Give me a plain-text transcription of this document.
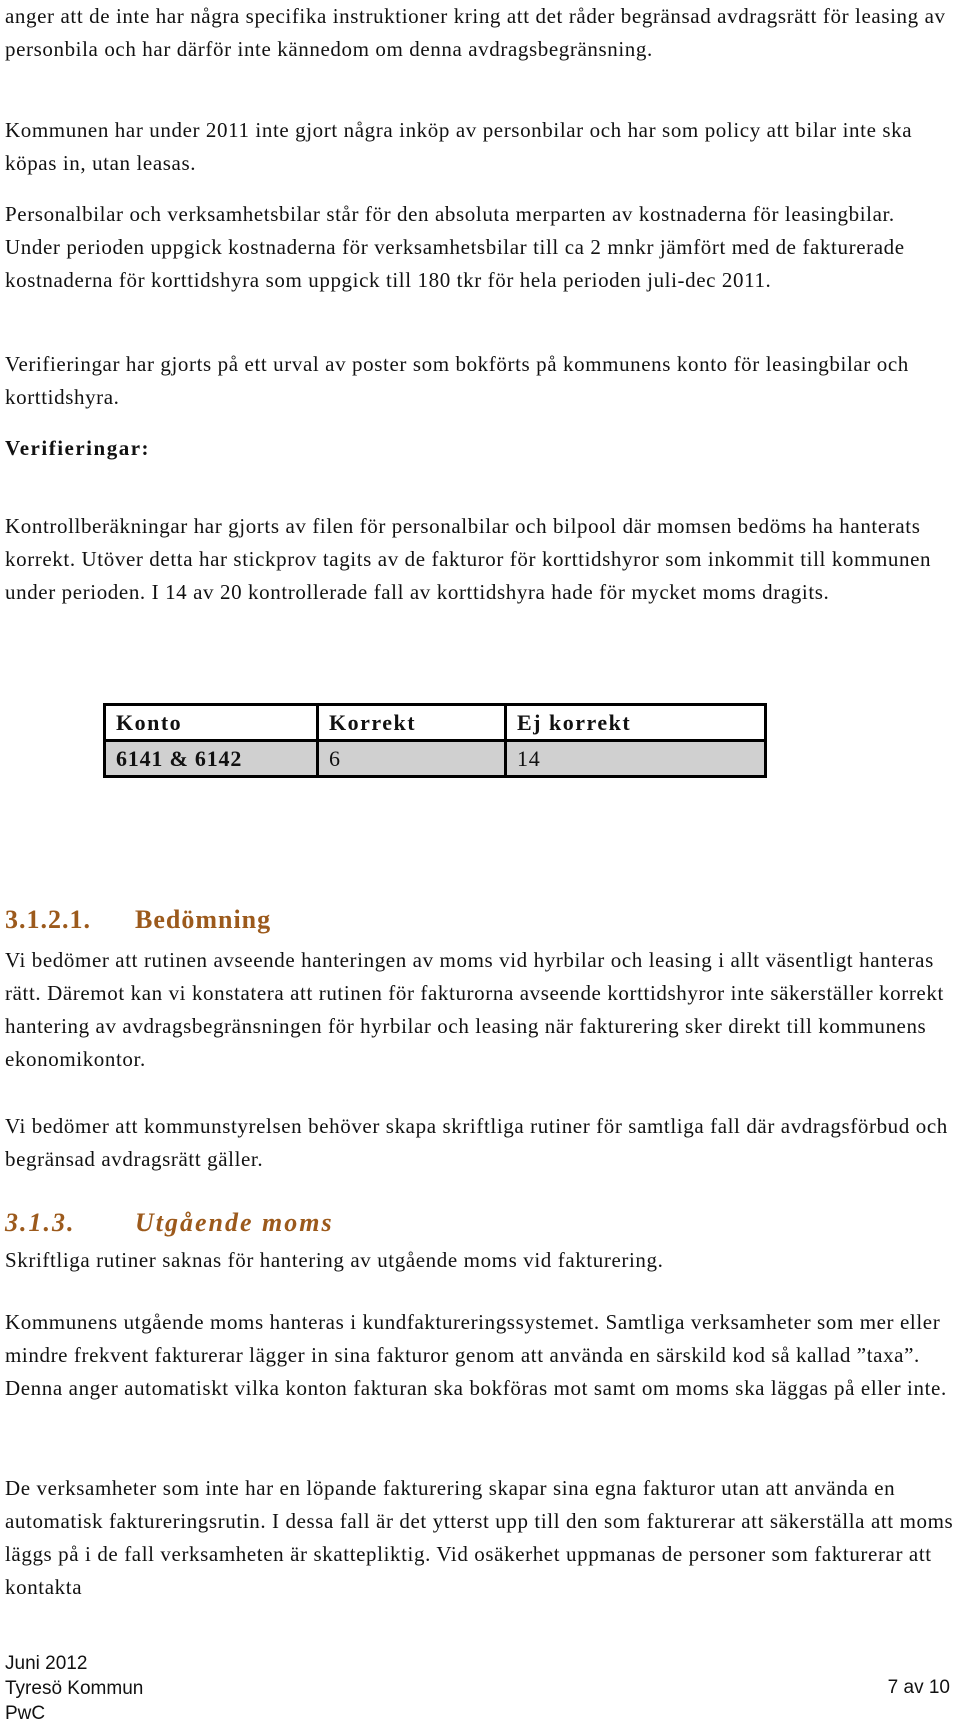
anger att de inte har några specifika instruktioner kring att det råder begränsad avdragsrätt för leasing av personbila och har därför inte kännedom om denna avdragsbegränsning.

Kommunen har under 2011 inte gjort några inköp av personbilar och har som policy att bilar inte ska köpas in, utan leasas.

Personalbilar och verksamhetsbilar står för den absoluta merparten av kostnaderna för leasingbilar. Under perioden uppgick kostnaderna för verksamhetsbilar till ca 2 mnkr jämfört med de fakturerade kostnaderna för korttidshyra som uppgick till 180 tkr för hela perioden juli-dec 2011.

Verifieringar har gjorts på ett urval av poster som bokförts på kommunens konto för leasingbilar och korttidshyra.

Verifieringar:

Kontrollberäkningar har gjorts av filen för personalbilar och bilpool där momsen bedöms ha hanterats korrekt. Utöver detta har stickprov tagits av de fakturor för korttidshyror som inkommit till kommunen under perioden. I 14 av 20 kontrollerade fall av korttidshyra hade för mycket moms dragits.

Konto	Korrekt	Ej korrekt
6141 & 6142	6	14
3.1.2.1. Bedömning

Vi bedömer att rutinen avseende hanteringen av moms vid hyrbilar och leasing i allt väsentligt hanteras rätt. Däremot kan vi konstatera att rutinen för fakturorna avseende korttidshyror inte säkerställer korrekt hantering av avdragsbegränsningen för hyrbilar och leasing när fakturering sker direkt till kommunens ekonomikontor.

Vi bedömer att kommunstyrelsen behöver skapa skriftliga rutiner för samtliga fall där avdragsförbud och begränsad avdragsrätt gäller.

3.1.3. Utgående moms

Skriftliga rutiner saknas för hantering av utgående moms vid fakturering.

Kommunens utgående moms hanteras i kundfaktureringssystemet. Samtliga verksamheter som mer eller mindre frekvent fakturerar lägger in sina fakturor genom att använda en särskild kod så kallad ”taxa”. Denna anger automatiskt vilka konton fakturan ska bokföras mot samt om moms ska läggas på eller inte.

De verksamheter som inte har en löpande fakturering skapar sina egna fakturor utan att använda en automatisk faktureringsrutin. I dessa fall är det ytterst upp till den som fakturerar att säkerställa att moms läggs på i de fall verksamheten är skattepliktig. Vid osäkerhet uppmanas de personer som fakturerar att kontakta

Juni 2012
Tyresö Kommun
PwC
7 av 10
